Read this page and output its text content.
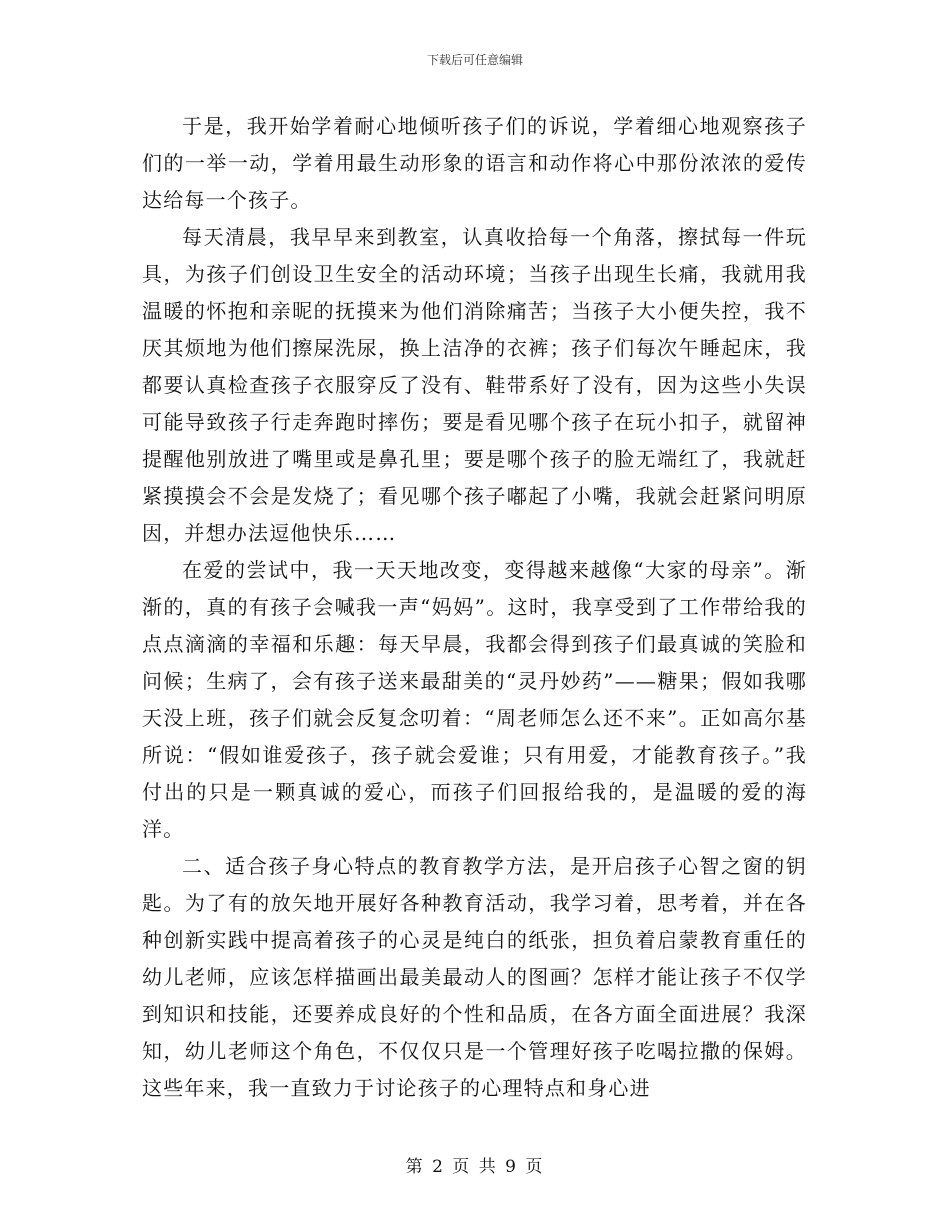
下载后可任意编辑

于是，我开始学着耐心地倾听孩子们的诉说，学着细心地观察孩子们的一举一动，学着用最生动形象的语言和动作将心中那份浓浓的爱传达给每一个孩子。

每天清晨，我早早来到教室，认真收拾每一个角落，擦拭每一件玩具，为孩子们创设卫生安全的活动环境；当孩子出现生长痛，我就用我温暖的怀抱和亲昵的抚摸来为他们消除痛苦；当孩子大小便失控，我不厌其烦地为他们擦屎洗尿，换上洁净的衣裤；孩子们每次午睡起床，我都要认真检查孩子衣服穿反了没有、鞋带系好了没有，因为这些小失误可能导致孩子行走奔跑时摔伤；要是看见哪个孩子在玩小扣子，就留神提醒他别放进了嘴里或是鼻孔里；要是哪个孩子的脸无端红了，我就赶紧摸摸会不会是发烧了；看见哪个孩子嘟起了小嘴，我就会赶紧问明原因，并想办法逗他快乐……

在爱的尝试中，我一天天地改变，变得越来越像“大家的母亲”。渐渐的，真的有孩子会喊我一声“妈妈”。这时，我享受到了工作带给我的点点滴滴的幸福和乐趣：每天早晨，我都会得到孩子们最真诚的笑脸和问候；生病了，会有孩子送来最甜美的“灵丹妙药”——糖果；假如我哪天没上班，孩子们就会反复念叨着：“周老师怎么还不来”。正如高尔基所说：“假如谁爱孩子，孩子就会爱谁；只有用爱，才能教育孩子。”我付出的只是一颗真诚的爱心，而孩子们回报给我的，是温暖的爱的海洋。

二、适合孩子身心特点的教育教学方法，是开启孩子心智之窗的钥匙。为了有的放矢地开展好各种教育活动，我学习着，思考着，并在各种创新实践中提高着孩子的心灵是纯白的纸张，担负着启蒙教育重任的幼儿老师，应该怎样描画出最美最动人的图画？怎样才能让孩子不仅学到知识和技能，还要养成良好的个性和品质，在各方面全面进展？我深知，幼儿老师这个角色，不仅仅只是一个管理好孩子吃喝拉撒的保姆。这些年来，我一直致力于讨论孩子的心理特点和身心进

第 2 页 共 9 页
